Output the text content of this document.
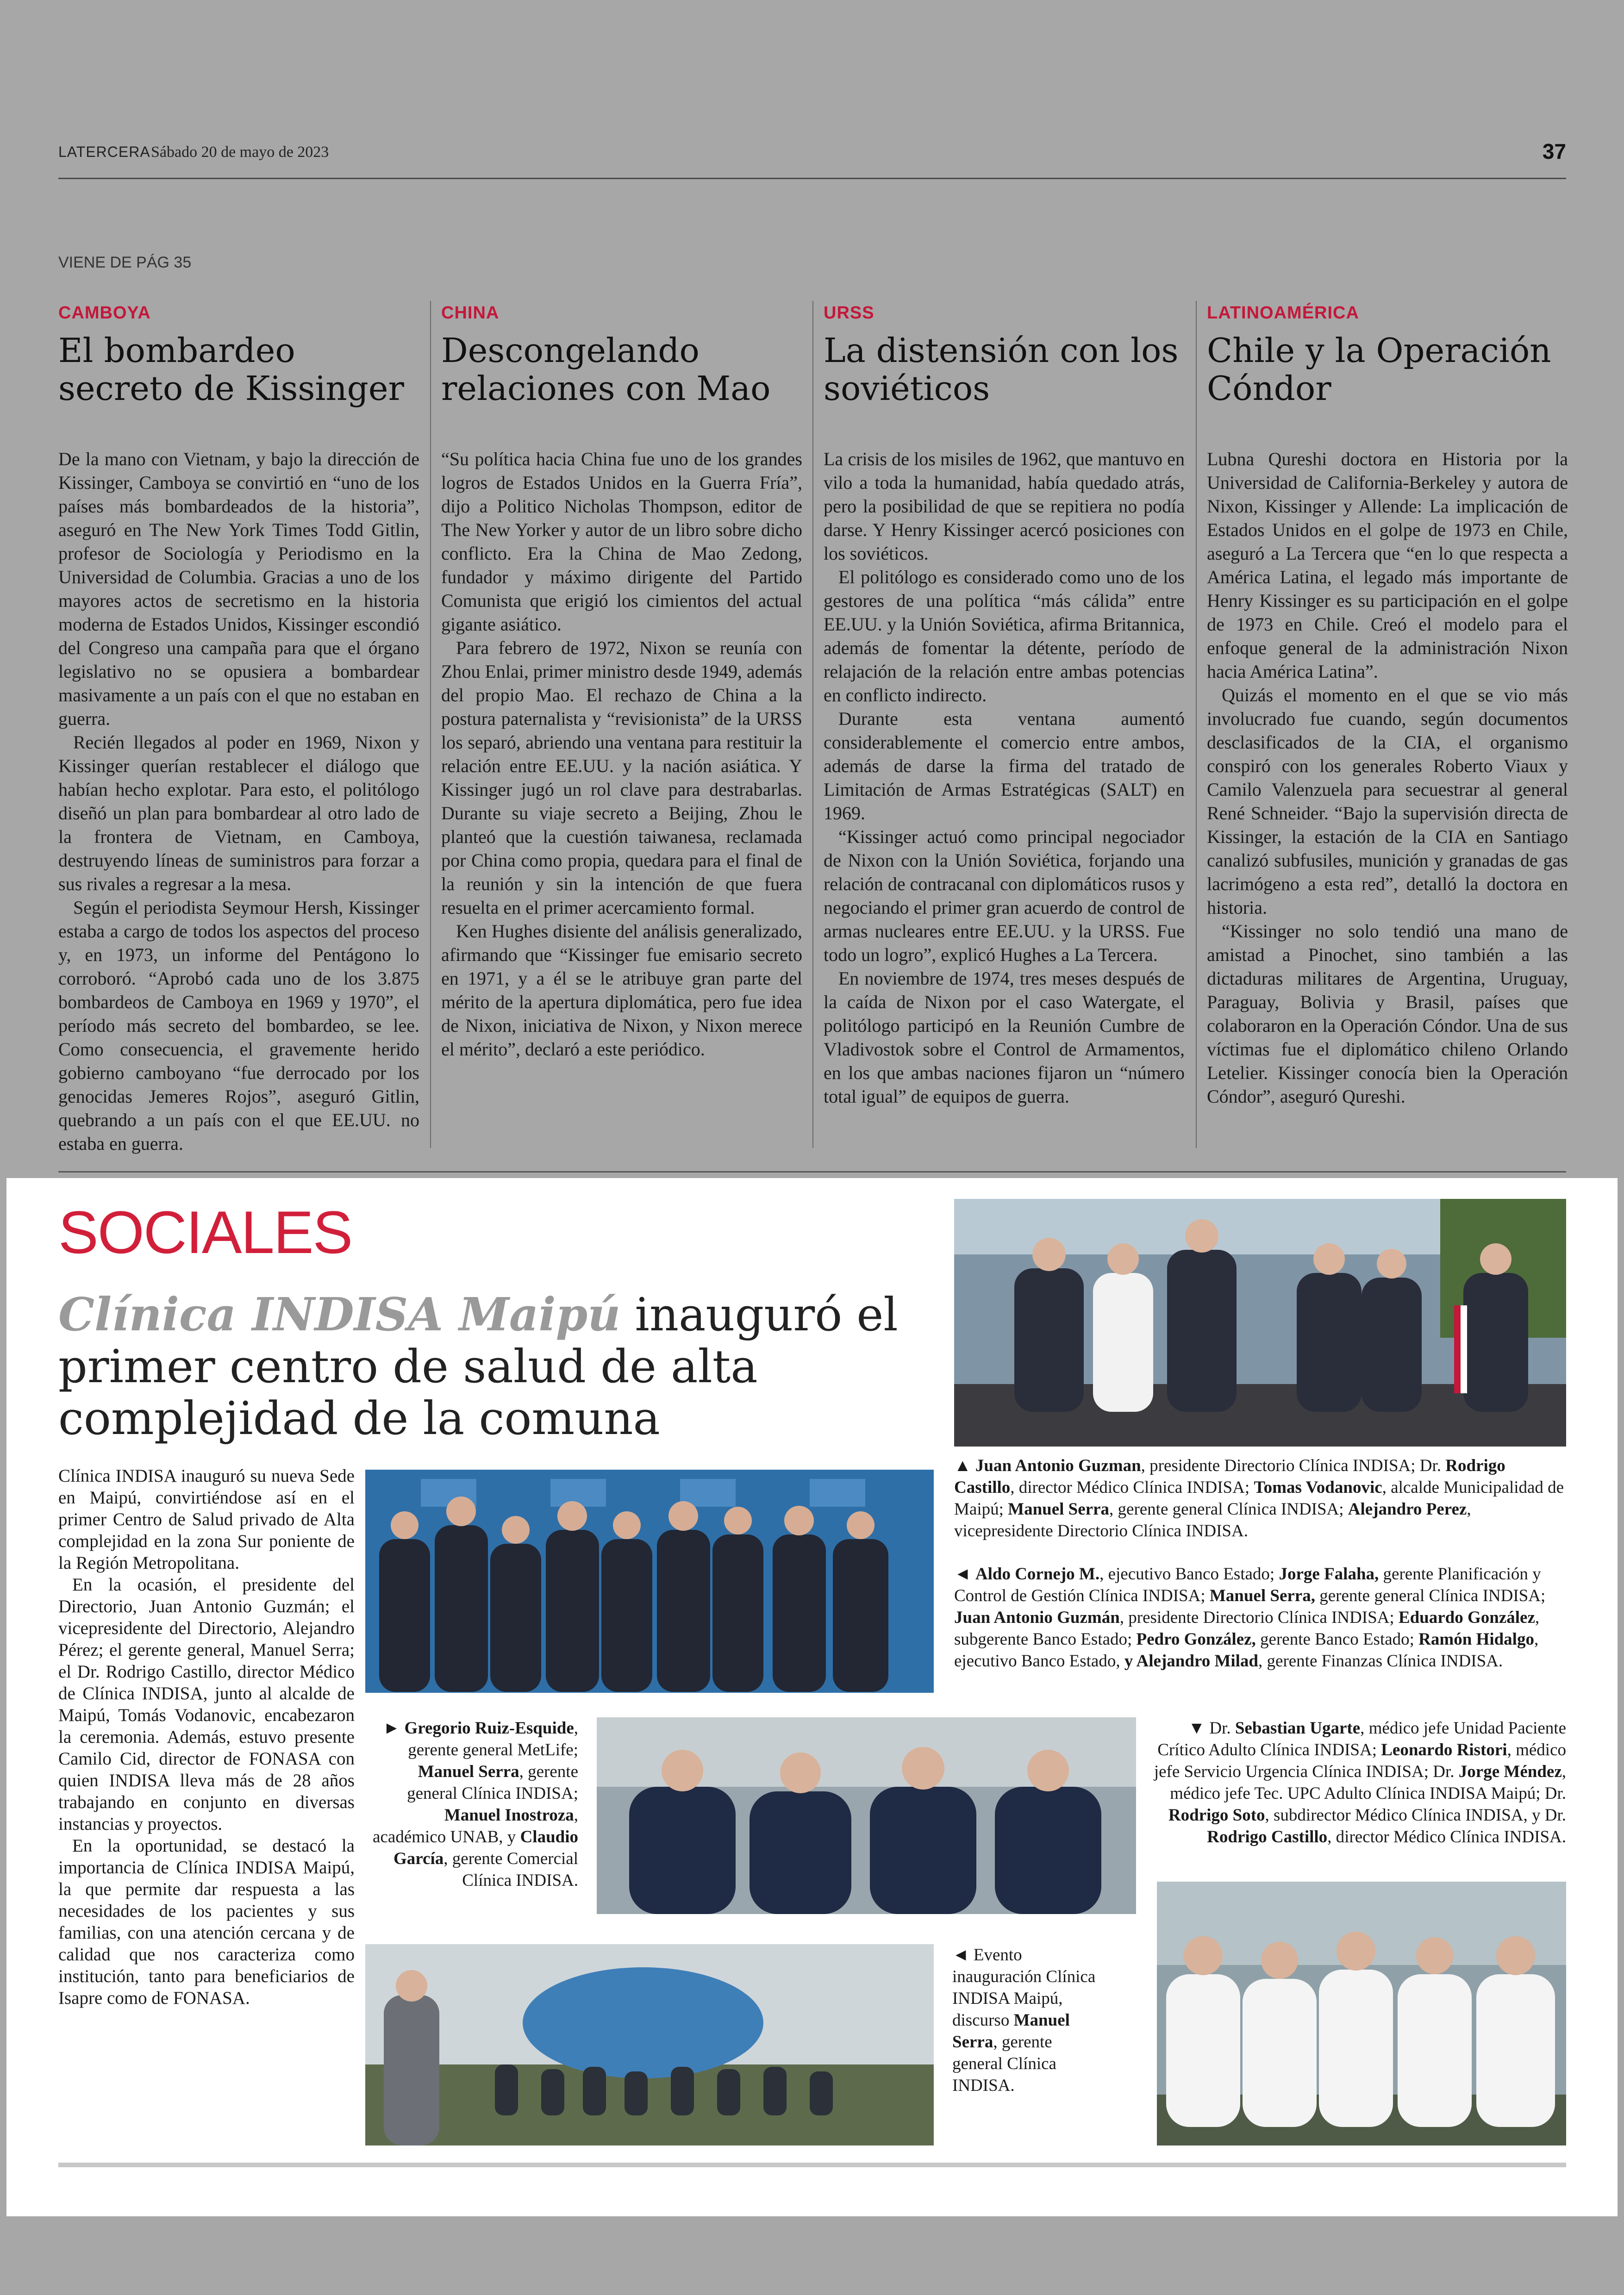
LATERCERA Sábado 20 de mayo de 2023	37
VIENE DE PÁG 35
CAMBOYA
El bombardeo secreto de Kissinger

De la mano con Vietnam, y bajo la dirección de Kissinger, Camboya se convirtió en “uno de los países más bombardeados de la historia”, aseguró en The New York Times Todd Gitlin, profesor de Sociología y Periodismo en la Universidad de Columbia. Gracias a uno de los mayores actos de secretismo en la historia moderna de Estados Unidos, Kissinger escondió del Congreso una campaña para que el órgano legislativo no se opusiera a bombardear masivamente a un país con el que no estaban en guerra.

Recién llegados al poder en 1969, Nixon y Kissinger querían restablecer el diálogo que habían hecho explotar. Para esto, el politólogo diseñó un plan para bombardear al otro lado de la frontera de Vietnam, en Camboya, destruyendo líneas de suministros para forzar a sus rivales a regresar a la mesa.

Según el periodista Seymour Hersh, Kissinger estaba a cargo de todos los aspectos del proceso y, en 1973, un informe del Pentágono lo corroboró. “Aprobó cada uno de los 3.875 bombardeos de Camboya en 1969 y 1970”, el período más secreto del bombardeo, se lee. Como consecuencia, el gravemente herido gobierno camboyano “fue derrocado por los genocidas Jemeres Rojos”, aseguró Gitlin, quebrando a un país con el que EE.UU. no estaba en guerra.

CHINA
Descongelando relaciones con Mao

“Su política hacia China fue uno de los grandes logros de Estados Unidos en la Guerra Fría”, dijo a Politico Nicholas Thompson, editor de The New Yorker y autor de un libro sobre dicho conflicto. Era la China de Mao Zedong, fundador y máximo dirigente del Partido Comunista que erigió los cimientos del actual gigante asiático.

Para febrero de 1972, Nixon se reunía con Zhou Enlai, primer ministro desde 1949, además del propio Mao. El rechazo de China a la postura paternalista y “revisionista” de la URSS los separó, abriendo una ventana para restituir la relación entre EE.UU. y la nación asiática. Y Kissinger jugó un rol clave para destrabarlas. Durante su viaje secreto a Beijing, Zhou le planteó que la cuestión taiwanesa, reclamada por China como propia, quedara para el final de la reunión y sin la intención de que fuera resuelta en el primer acercamiento formal.

Ken Hughes disiente del análisis generalizado, afirmando que “Kissinger fue emisario secreto en 1971, y a él se le atribuye gran parte del mérito de la apertura diplomática, pero fue idea de Nixon, iniciativa de Nixon, y Nixon merece el mérito”, declaró a este periódico.

URSS
La distensión con los soviéticos

La crisis de los misiles de 1962, que mantuvo en vilo a toda la humanidad, había quedado atrás, pero la posibilidad de que se repitiera no podía darse. Y Henry Kissinger acercó posiciones con los soviéticos.

El politólogo es considerado como uno de los gestores de una política “más cálida” entre EE.UU. y la Unión Soviética, afirma Britannica, además de fomentar la détente, período de relajación de la relación entre ambas potencias en conflicto indirecto.

Durante esta ventana aumentó considerablemente el comercio entre ambos, además de darse la firma del tratado de Limitación de Armas Estratégicas (SALT) en 1969.

“Kissinger actuó como principal negociador de Nixon con la Unión Soviética, forjando una relación de contracanal con diplomáticos rusos y negociando el primer gran acuerdo de control de armas nucleares entre EE.UU. y la URSS. Fue todo un logro”, explicó Hughes a La Tercera.

En noviembre de 1974, tres meses después de la caída de Nixon por el caso Watergate, el politólogo participó en la Reunión Cumbre de Vladivostok sobre el Control de Armamentos, en los que ambas naciones fijaron un “número total igual” de equipos de guerra.

LATINOAMÉRICA
Chile y la Operación Cóndor

Lubna Qureshi doctora en Historia por la Universidad de California-Berkeley y autora de Nixon, Kissinger y Allende: La implicación de Estados Unidos en el golpe de 1973 en Chile, aseguró a La Tercera que “en lo que respecta a América Latina, el legado más importante de Henry Kissinger es su participación en el golpe de 1973 en Chile. Creó el modelo para el enfoque general de la administración Nixon hacia América Latina”.

Quizás el momento en el que se vio más involucrado fue cuando, según documentos desclasificados de la CIA, el organismo conspiró con los generales Roberto Viaux y Camilo Valenzuela para secuestrar al general René Schneider. “Bajo la supervisión directa de Kissinger, la estación de la CIA en Santiago canalizó subfusiles, munición y granadas de gas lacrimógeno a esta red”, detalló la doctora en historia.

“Kissinger no solo tendió una mano de amistad a Pinochet, sino también a las dictaduras militares de Argentina, Uruguay, Paraguay, Bolivia y Brasil, países que colaboraron en la Operación Cóndor. Una de sus víctimas fue el diplomático chileno Orlando Letelier. Kissinger conocía bien la Operación Cóndor”, aseguró Qureshi.

SOCIALES
Clínica INDISA Maipú inauguró el primer centro de salud de alta complejidad de la comuna

Clínica INDISA inauguró su nueva Sede en Maipú, convirtiéndose así en el primer Centro de Salud privado de Alta complejidad en la zona Sur poniente de la Región Metropolitana.

En la ocasión, el presidente del Directorio, Juan Antonio Guzmán; el vicepresidente del Directorio, Alejandro Pérez; el gerente general, Manuel Serra; el Dr. Rodrigo Castillo, director Médico de Clínica INDISA, junto al alcalde de Maipú, Tomás Vodanovic, encabezaron la ceremonia. Además, estuvo presente Camilo Cid, director de FONASA con quien INDISA lleva más de 28 años trabajando en conjunto en diversas instancias y proyectos.

En la oportunidad, se destacó la importancia de Clínica INDISA Maipú, la que permite dar respuesta a las necesidades de los pacientes y sus familias, con una atención cercana y de calidad que nos caracteriza como institución, tanto para beneficiarios de Isapre como de FONASA.

▲ Juan Antonio Guzman, presidente Directorio Clínica INDISA; Dr. Rodrigo Castillo, director Médico Clínica INDISA; Tomas Vodanovic, alcalde Municipalidad de Maipú; Manuel Serra, gerente general Clínica INDISA; Alejandro Perez, vicepresidente Directorio Clínica INDISA.
◄ Aldo Cornejo M., ejecutivo Banco Estado; Jorge Falaha, gerente Planificación y Control de Gestión Clínica INDISA; Manuel Serra, gerente general Clínica INDISA; Juan Antonio Guzmán, presidente Directorio Clínica INDISA; Eduardo González, subgerente Banco Estado; Pedro González, gerente Banco Estado; Ramón Hidalgo, ejecutivo Banco Estado, y Alejandro Milad, gerente Finanzas Clínica INDISA.
► Gregorio Ruiz-Esquide, gerente general MetLife; Manuel Serra, gerente general Clínica INDISA; Manuel Inostroza, académico UNAB, y Claudio García, gerente Comercial Clínica INDISA.
▼ Dr. Sebastian Ugarte, médico jefe Unidad Paciente Crítico Adulto Clínica INDISA; Leonardo Ristori, médico jefe Servicio Urgencia Clínica INDISA; Dr. Jorge Méndez, médico jefe Tec. UPC Adulto Clínica INDISA Maipú; Dr. Rodrigo Soto, subdirector Médico Clínica INDISA, y Dr. Rodrigo Castillo, director Médico Clínica INDISA.
◄ Evento inauguración Clínica INDISA Maipú, discurso Manuel Serra, gerente general Clínica INDISA.
